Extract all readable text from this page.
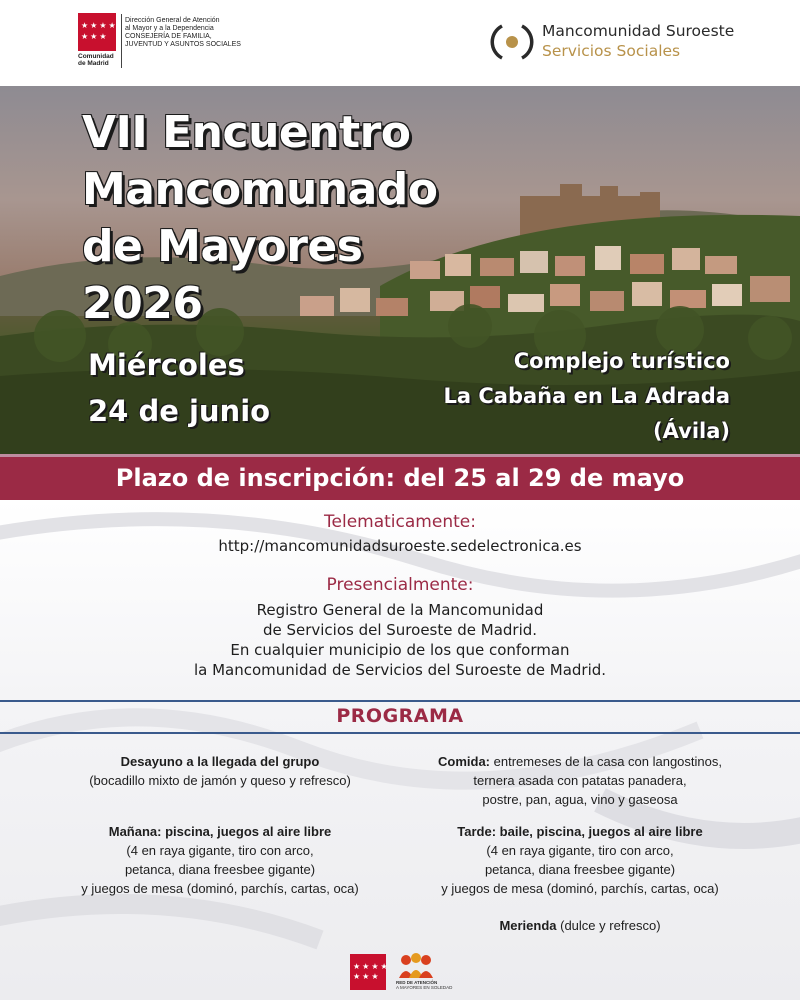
★ ★ ★ ★
★ ★ ★
Comunidad
de Madrid
Dirección General de Atención
al Mayor y a la Dependencia
CONSEJERÍA DE FAMILIA,
JUVENTUD Y ASUNTOS SOCIALES
Mancomunidad Suroeste
Servicios Sociales
VII Encuentro
Mancomunado
de Mayores
2026
Miércoles
24 de junio
Complejo turístico
La Cabaña en La Adrada
(Ávila)
Plazo de inscripción: del 25 al 29 de mayo
Telematicamente:
http://mancomunidadsuroeste.sedelectronica.es
Presencialmente:
Registro General de la Mancomunidad
de Servicios del Suroeste de Madrid.
En cualquier municipio de los que conforman
la Mancomunidad de Servicios del Suroeste de Madrid.
PROGRAMA
Desayuno a la llegada del grupo
(bocadillo mixto de jamón y queso y refresco)
Mañana: piscina, juegos al aire libre
(4 en raya gigante, tiro con arco,
petanca, diana freesbee gigante)
y juegos de mesa (dominó, parchís, cartas, oca)
Comida: entremeses de la casa con langostinos,
ternera asada con patatas panadera,
postre, pan, agua, vino y gaseosa
Tarde: baile, piscina, juegos al aire libre
(4 en raya gigante, tiro con arco,
petanca, diana freesbee gigante)
y juegos de mesa (dominó, parchís, cartas, oca)
Merienda (dulce y refresco)
★ ★ ★ ★
★ ★ ★
RED DE ATENCIÓN
A MAYORES EN SOLEDAD
